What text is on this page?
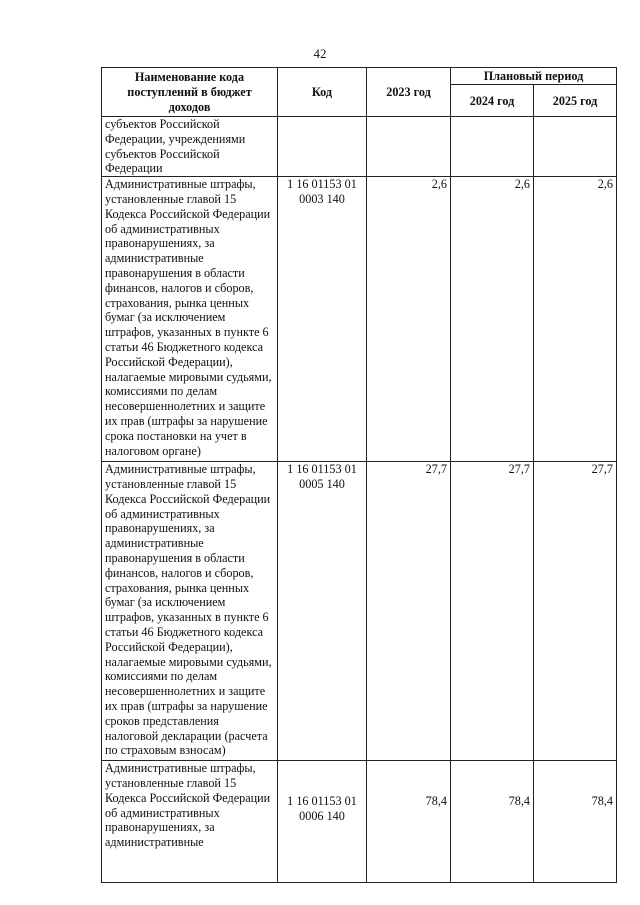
42
Наименование кода поступлений в бюджет доходов	Код	2023 год	Плановый период	
			2024 год	2025 год
субъектов Российской Федерации, учреждениями субъектов Российской Федерации				
Административные штрафы, установленные главой 15 Кодекса Российской Федерации об административных правонарушениях, за административные правонарушения в области финансов, налогов и сборов, страхования, рынка ценных бумаг (за исключением штрафов, указанных в пункте 6 статьи 46 Бюджетного кодекса Российской Федерации), налагаемые мировыми судьями, комиссиями по делам несовершеннолетних и защите их прав (штрафы за нарушение срока постановки на учет в налоговом органе)	1 16 01153 01 0003 140	2,6	2,6	2,6
Административные штрафы, установленные главой 15 Кодекса Российской Федерации об административных правонарушениях, за административные правонарушения в области финансов, налогов и сборов, страхования, рынка ценных бумаг (за исключением штрафов, указанных в пункте 6 статьи 46 Бюджетного кодекса Российской Федерации), налагаемые мировыми судьями, комиссиями по делам несовершеннолетних и защите их прав (штрафы за нарушение сроков представления налоговой декларации (расчета по страховым взносам)	1 16 01153 01 0005 140	27,7	27,7	27,7
Административные штрафы, установленные главой 15 Кодекса Российской Федерации об административных правонарушениях, за административные	1 16 01153 01 0006 140	78,4	78,4	78,4
